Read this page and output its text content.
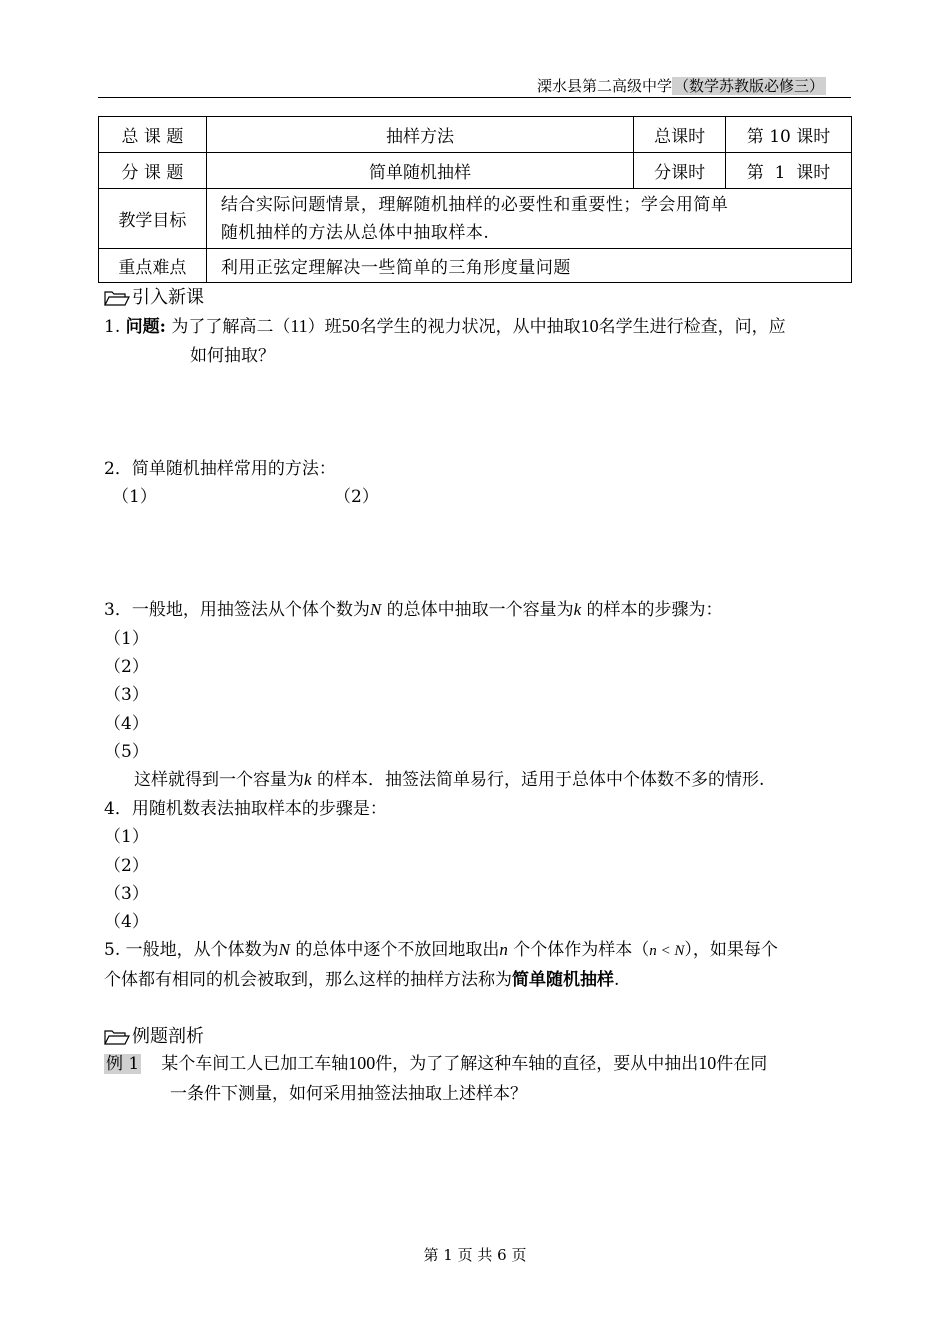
溧水县第二高级中学 （数学苏教版必修三）
总 课 题	抽样方法	总课时	第 10 课时
分 课 题	简单随机抽样	分课时	第  1  课时
教学目标	结合实际问题情景，理解随机抽样的必要性和重要性；学会用简单
随机抽样的方法从总体中抽取样本.		

重点难点	利用正弦定理解决一些简单的三角形度量问题		
引入新课
1. 问题: 为了了解高二（11）班50名学生的视力状况，从中抽取10名学生进行检查，问，应
如何抽取？
2．简单随机抽样常用的方法：
（1）	（2）
3．一般地，用抽签法从个体个数为N 的总体中抽取一个容量为k 的样本的步骤为：
（1）
（2）
（3）
（4）
（5）
这样就得到一个容量为k 的样本．抽签法简单易行，适用于总体中个体数不多的情形.
4．用随机数表法抽取样本的步骤是：
（1）
（2）
（3）
（4）
5. 一般地，从个体数为N 的总体中逐个不放回地取出n 个个体作为样本（n < N），如果每个
个体都有相同的机会被取到，那么这样的抽样方法称为简单随机抽样.
例题剖析
例 1 某个车间工人已加工车轴100件，为了了解这种车轴的直径，要从中抽出10件在同
一条件下测量，如何采用抽签法抽取上述样本？
第 1 页 共 6 页
